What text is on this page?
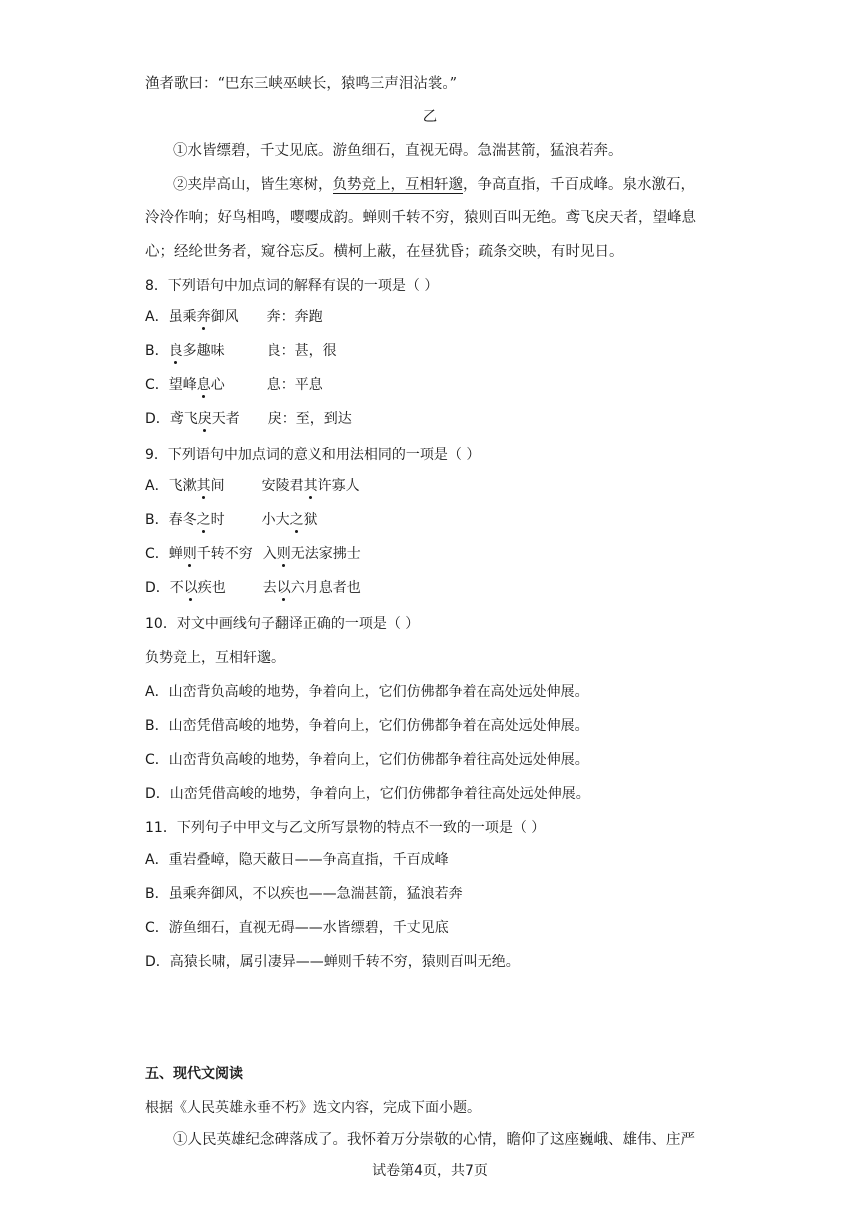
渔者歌曰：“巴东三峡巫峡长，猿鸣三声泪沾裳。”
乙
①水皆缥碧，千丈见底。游鱼细石，直视无碍。急湍甚箭，猛浪若奔。
②夹岸高山，皆生寒树，负势竞上，互相轩邈，争高直指，千百成峰。泉水激石，
泠泠作响；好鸟相鸣，嘤嘤成韵。蝉则千转不穷，猿则百叫无绝。鸢飞戾天者，望峰息
心；经纶世务者，窥谷忘反。横柯上蔽，在昼犹昏；疏条交映，有时见日。
8．下列语句中加点词的解释有误的一项是（ ）
A．虽乘奔御风 奔：奔跑
B．良多趣味	良：甚，很
C．望峰息心	息：平息
D．鸢飞戾天者 戾：至，到达
9．下列语句中加点词的意义和用法相同的一项是（ ）
A．飞漱其间	安陵君其许寡人
B．春冬之时	小大之狱
C．蝉则千转不穷 入则无法家拂士
D．不以疾也	去以六月息者也
10．对文中画线句子翻译正确的一项是（ ）
负势竞上，互相轩邈。
A．山峦背负高峻的地势，争着向上，它们仿佛都争着在高处远处伸展。
B．山峦凭借高峻的地势，争着向上，它们仿佛都争着在高处远处伸展。
C．山峦背负高峻的地势，争着向上，它们仿佛都争着往高处远处伸展。
D．山峦凭借高峻的地势，争着向上，它们仿佛都争着往高处远处伸展。
11．下列句子中甲文与乙文所写景物的特点不一致的一项是（ ）
A．重岩叠嶂，隐天蔽日——争高直指，千百成峰
B．虽乘奔御风，不以疾也——急湍甚箭，猛浪若奔
C．游鱼细石，直视无碍——水皆缥碧，千丈见底
D．高猿长啸，属引凄异——蝉则千转不穷，猿则百叫无绝。
五、现代文阅读
根据《人民英雄永垂不朽》选文内容，完成下面小题。
①人民英雄纪念碑落成了。我怀着万分崇敬的心情，瞻仰了这座巍峨、雄伟、庄严
试卷第4页，共7页
